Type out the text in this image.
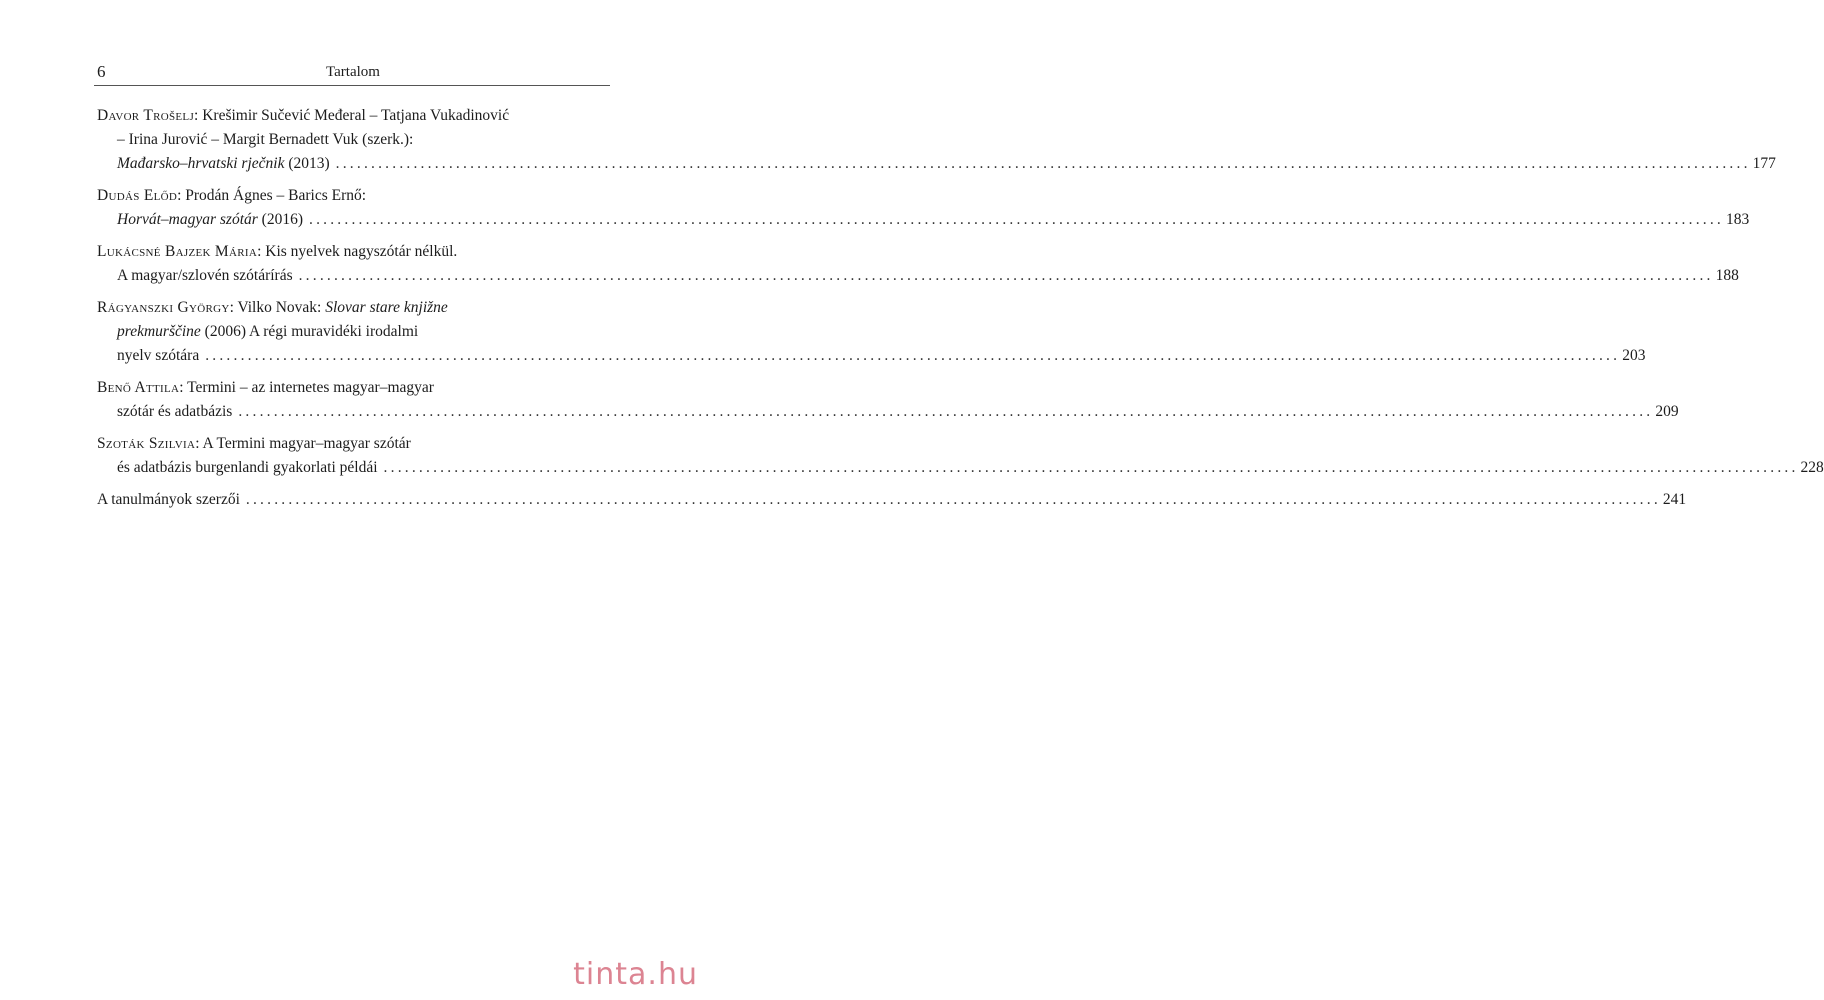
6	Tartalom
Davor Trošelj: Krešimir Sučević Međeral – Tatjana Vukadinović
– Irina Jurović – Margit Bernadett Vuk (szerk.):
Mađarsko–hrvatski rječnik (2013) ........................................................................................................................................................................................................ 177
Dudás Előd: Prodán Ágnes – Barics Ernő:
Horvát–magyar szótár (2016) ........................................................................................................................................................................................................ 183
Lukácsné Bajzek Mária: Kis nyelvek nagyszótár nélkül.
A magyar/szlovén szótárírás ........................................................................................................................................................................................................ 188
Rágyanszki György: Vilko Novak: Slovar stare knjižne
prekmurščine (2006) A régi muravidéki irodalmi
nyelv szótára ........................................................................................................................................................................................................ 203
Benő Attila: Termini – az internetes magyar–magyar
szótár és adatbázis ........................................................................................................................................................................................................ 209
Szoták Szilvia: A Termini magyar–magyar szótár
és adatbázis burgenlandi gyakorlati példái ........................................................................................................................................................................................................ 228
A tanulmányok szerzői ........................................................................................................................................................................................................ 241
tinta.hu
